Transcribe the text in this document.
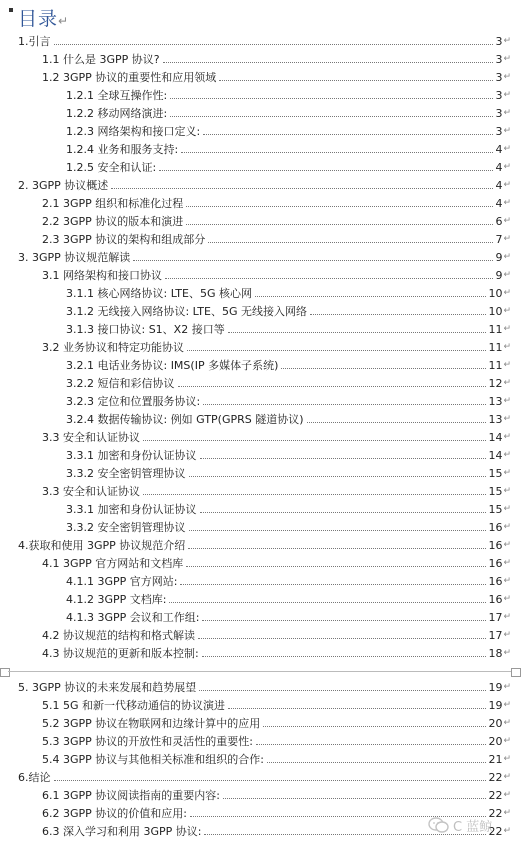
目录↵
1.引言	3 ↵
1.1 什么是 3GPP 协议?	3 ↵
1.2 3GPP 协议的重要性和应用领域	3 ↵
1.2.1 全球互操作性:	3 ↵
1.2.2 移动网络演进:	3 ↵
1.2.3 网络架构和接口定义:	3 ↵
1.2.4 业务和服务支持:	4 ↵
1.2.5 安全和认证:	4 ↵
2. 3GPP 协议概述	4 ↵
2.1 3GPP 组织和标准化过程	4 ↵
2.2 3GPP 协议的版本和演进	6 ↵
2.3 3GPP 协议的架构和组成部分	7 ↵
3. 3GPP 协议规范解读	9 ↵
3.1 网络架构和接口协议	9 ↵
3.1.1 核心网络协议: LTE、5G 核心网	10 ↵
3.1.2 无线接入网络协议: LTE、5G 无线接入网络	10 ↵
3.1.3 接口协议: S1、X2 接口等	11 ↵
3.2 业务协议和特定功能协议	11 ↵
3.2.1 电话业务协议: IMS(IP 多媒体子系统)	11 ↵
3.2.2 短信和彩信协议	12 ↵
3.2.3 定位和位置服务协议:	13 ↵
3.2.4 数据传输协议: 例如 GTP(GPRS 隧道协议)	13 ↵
3.3 安全和认证协议	14 ↵
3.3.1 加密和身份认证协议	14 ↵
3.3.2 安全密钥管理协议	15 ↵
3.3 安全和认证协议	15 ↵
3.3.1 加密和身份认证协议	15 ↵
3.3.2 安全密钥管理协议	16 ↵
4.获取和使用 3GPP 协议规范介绍	16 ↵
4.1 3GPP 官方网站和文档库	16 ↵
4.1.1 3GPP 官方网站:	16 ↵
4.1.2 3GPP 文档库:	16 ↵
4.1.3 3GPP 会议和工作组:	17 ↵
4.2 协议规范的结构和格式解读	17 ↵
4.3 协议规范的更新和版本控制:	18 ↵
5. 3GPP 协议的未来发展和趋势展望	19 ↵
5.1 5G 和新一代移动通信的协议演进	19 ↵
5.2 3GPP 协议在物联网和边缘计算中的应用	20 ↵
5.3 3GPP 协议的开放性和灵活性的重要性:	20 ↵
5.4 3GPP 协议与其他相关标准和组织的合作:	21 ↵
6.结论	22 ↵
6.1 3GPP 协议阅读指南的重要内容:	22 ↵
6.2 3GPP 协议的价值和应用:	22 ↵
6.3 深入学习和利用 3GPP 协议:	22 ↵
C 蓝鲸
